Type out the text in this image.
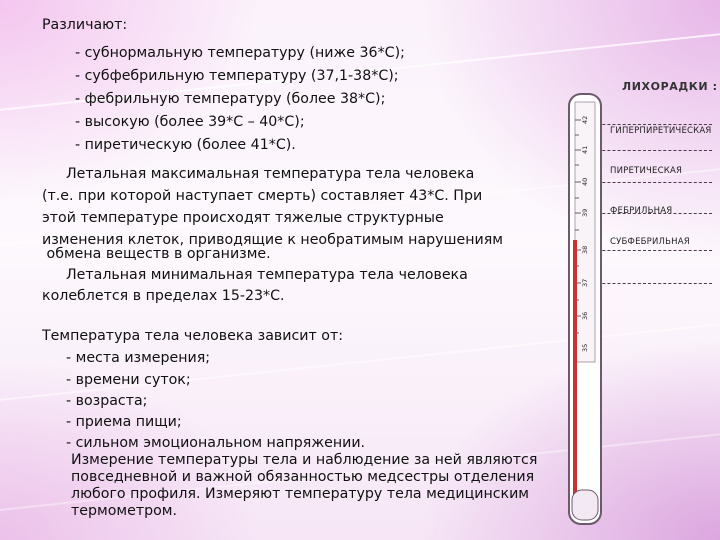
ЛИХОРАДКИ :
ГИПЕРПИРЕТИЧЕСКАЯ
ПИРЕТИЧЕСКАЯ
ФЕБРИЛЬНАЯ
СУБФЕБРИЛЬНАЯ
42
41
40
39
38
37
36
35
Различают:
- субнормальную температуру (ниже 36*С);
- субфебрильную температуру (37,1-38*С);
- фебрильную температуру (более 38*С);
- высокую (более 39*С – 40*С);
- пиретическую (более 41*С).
Летальная максимальная температура тела человека
(т.е. при которой наступает смерть) составляет 43*С. При
этой температуре происходят тяжелые структурные
изменения клеток, приводящие к необратимым нарушениям
обмена веществ в организме.
Летальная минимальная температура тела человека
колеблется в пределах 15-23*С.
Температура тела человека зависит от:
- места измерения;
- времени суток;
- возраста;
- приема пищи;
- сильном эмоциональном напряжении.
Измерение температуры тела и наблюдение за ней являются
повседневной и важной обязанностью медсестры отделения
любого профиля. Измеряют температуру тела медицинским
термометром.
